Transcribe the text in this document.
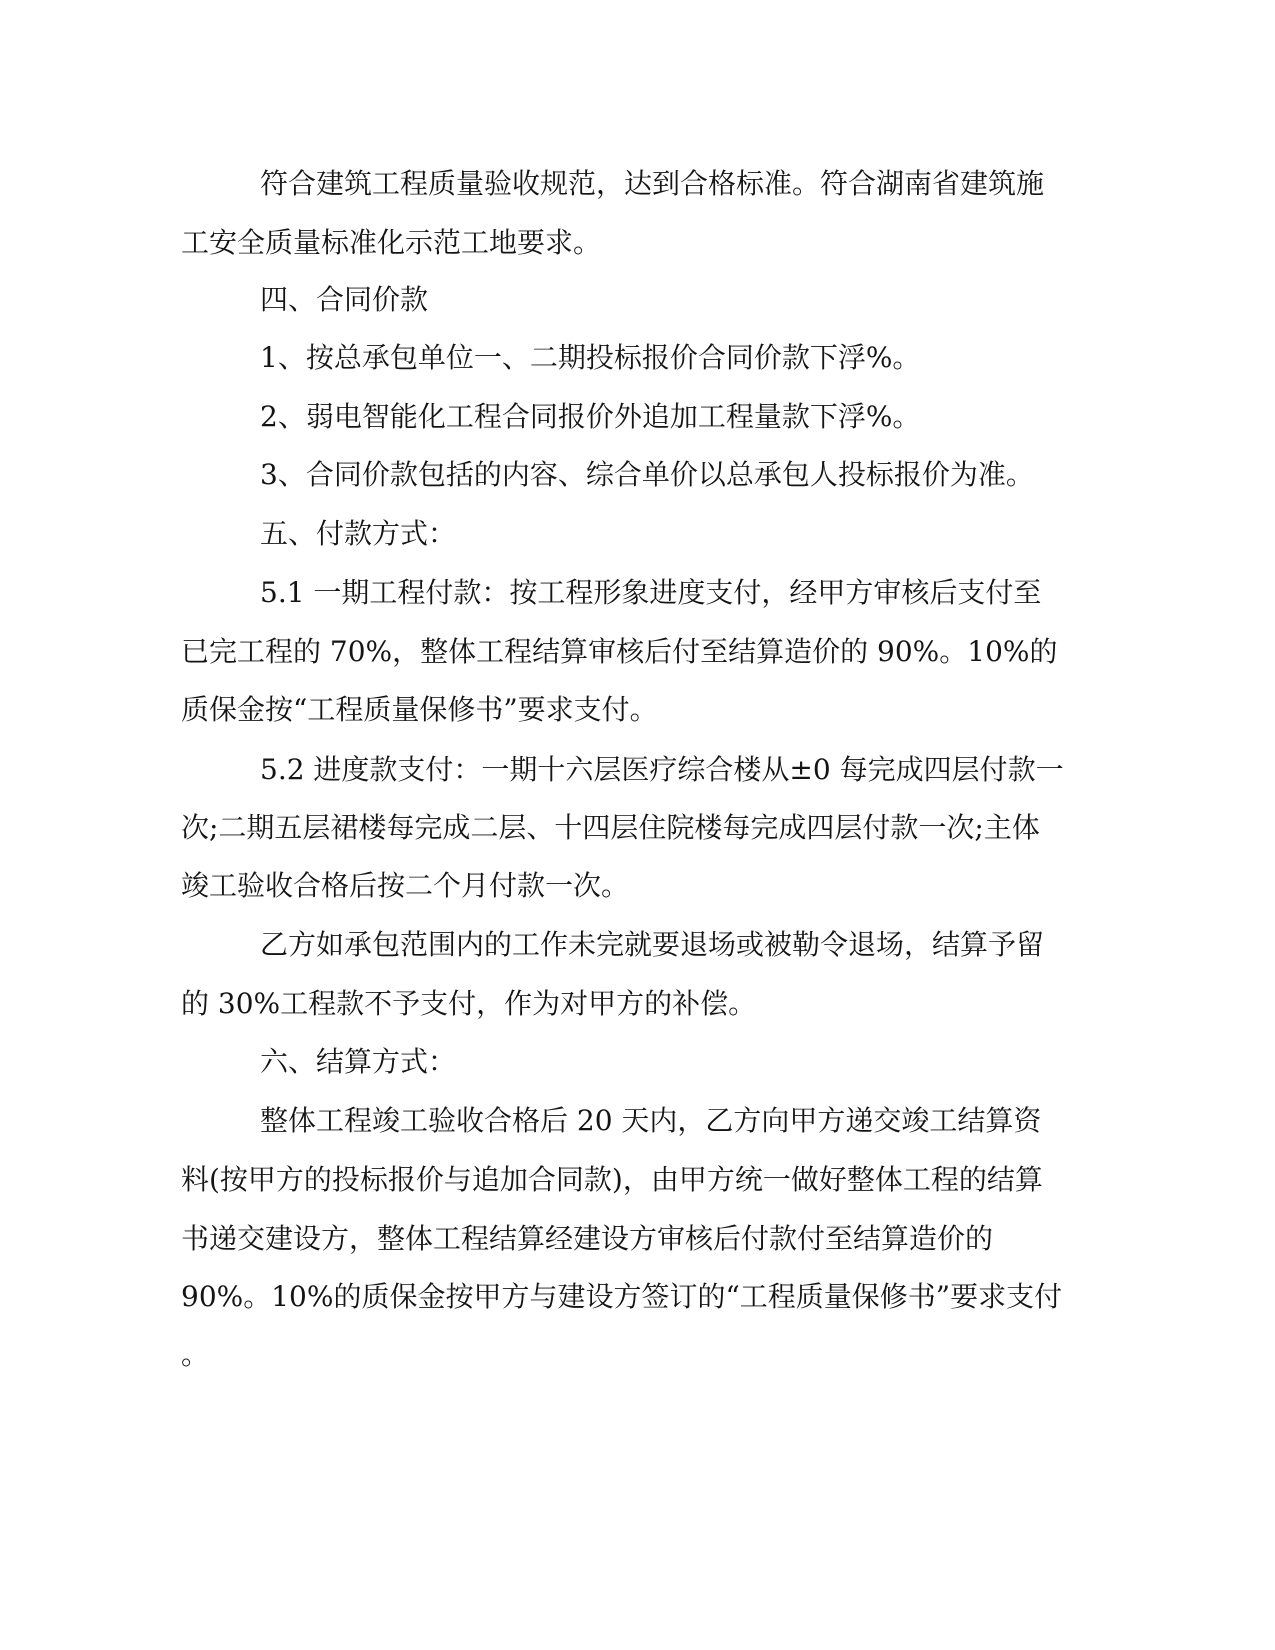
符合建筑工程质量验收规范，达到合格标准。符合湖南省建筑施
工安全质量标准化示范工地要求。
四、合同价款
1、按总承包单位一、二期投标报价合同价款下浮%。
2、弱电智能化工程合同报价外追加工程量款下浮%。
3、合同价款包括的内容、综合单价以总承包人投标报价为准。
五、付款方式：
5.1 一期工程付款：按工程形象进度支付，经甲方审核后支付至
已完工程的 70%，整体工程结算审核后付至结算造价的 90%。10%的
质保金按“工程质量保修书”要求支付。
5.2 进度款支付：一期十六层医疗综合楼从±0 每完成四层付款一
次;二期五层裙楼每完成二层、十四层住院楼每完成四层付款一次;主体
竣工验收合格后按二个月付款一次。
乙方如承包范围内的工作未完就要退场或被勒令退场，结算予留
的 30%工程款不予支付，作为对甲方的补偿。
六、结算方式：
整体工程竣工验收合格后 20 天内，乙方向甲方递交竣工结算资
料(按甲方的投标报价与追加合同款)，由甲方统一做好整体工程的结算
书递交建设方，整体工程结算经建设方审核后付款付至结算造价的
90%。10%的质保金按甲方与建设方签订的“工程质量保修书”要求支付
。
